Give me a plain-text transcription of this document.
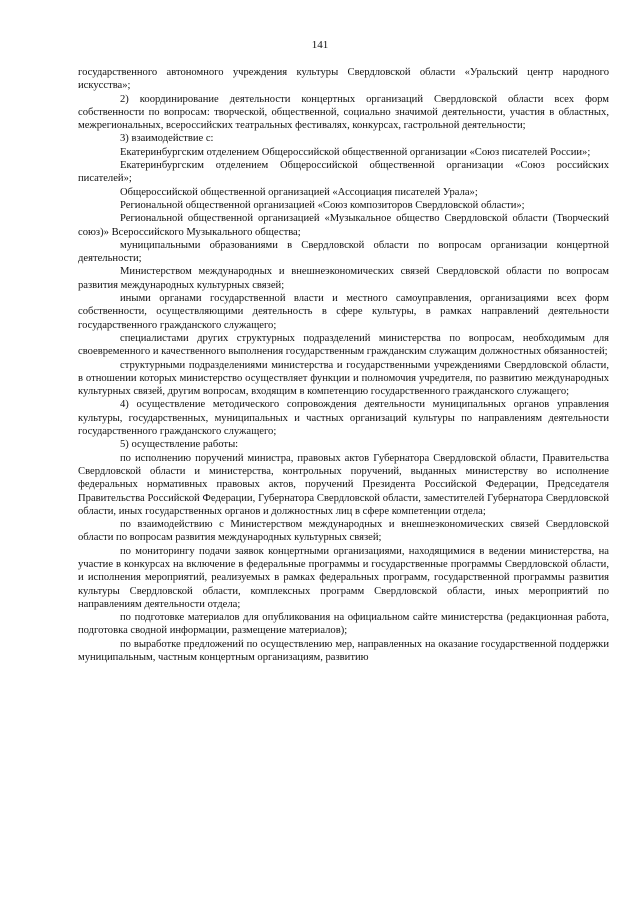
141

государственного автономного учреждения культуры Свердловской области «Уральский центр народного искусства»;

2) координирование деятельности концертных организаций Свердловской области всех форм собственности по вопросам: творческой, общественной, социально значимой деятельности, участия в областных, межрегиональных, всероссийских театральных фестивалях, конкурсах, гастрольной деятельности;

3) взаимодействие с:

Екатеринбургским отделением Общероссийской общественной организации «Союз писателей России»;

Екатеринбургским отделением Общероссийской общественной организации «Союз российских писателей»;

Общероссийской общественной организацией «Ассоциация писателей Урала»;

Региональной общественной организацией «Союз композиторов Свердловской области»;

Региональной общественной организацией «Музыкальное общество Свердловской области (Творческий союз)» Всероссийского Музыкального общества;

муниципальными образованиями в Свердловской области по вопросам организации концертной деятельности;

Министерством международных и внешнеэкономических связей Свердловской области по вопросам развития международных культурных связей;

иными органами государственной власти и местного самоуправления, организациями всех форм собственности, осуществляющими деятельность в сфере культуры, в рамках направлений деятельности государственного гражданского служащего;

специалистами других структурных подразделений министерства по вопросам, необходимым для своевременного и качественного выполнения государственным гражданским служащим должностных обязанностей;

структурными подразделениями министерства и государственными учреждениями Свердловской области, в отношении которых министерство осуществляет функции и полномочия учредителя, по развитию международных культурных связей, другим вопросам, входящим в компетенцию государственного гражданского служащего;

4) осуществление методического сопровождения деятельности муниципальных органов управления культуры, государственных, муниципальных и частных организаций культуры по направлениям деятельности государственного гражданского служащего;

5) осуществление работы:

по исполнению поручений министра, правовых актов Губернатора Свердловской области, Правительства Свердловской области и министерства, контрольных поручений, выданных министерству во исполнение федеральных нормативных правовых актов, поручений Президента Российской Федерации, Председателя Правительства Российской Федерации, Губернатора Свердловской области, заместителей Губернатора Свердловской области, иных государственных органов и должностных лиц в сфере компетенции отдела;

по взаимодействию с Министерством международных и внешнеэкономических связей Свердловской области по вопросам развития международных культурных связей;

по мониторингу подачи заявок концертными организациями, находящимися в ведении министерства, на участие в конкурсах на включение в федеральные программы и государственные программы Свердловской области, и исполнения мероприятий, реализуемых в рамках федеральных программ, государственной программы развития культуры Свердловской области, комплексных программ Свердловской области, иных мероприятий по направлениям деятельности отдела;

по подготовке материалов для опубликования на официальном сайте министерства (редакционная работа, подготовка сводной информации, размещение материалов);

по выработке предложений по осуществлению мер, направленных на оказание государственной поддержки муниципальным, частным концертным организациям, развитию
